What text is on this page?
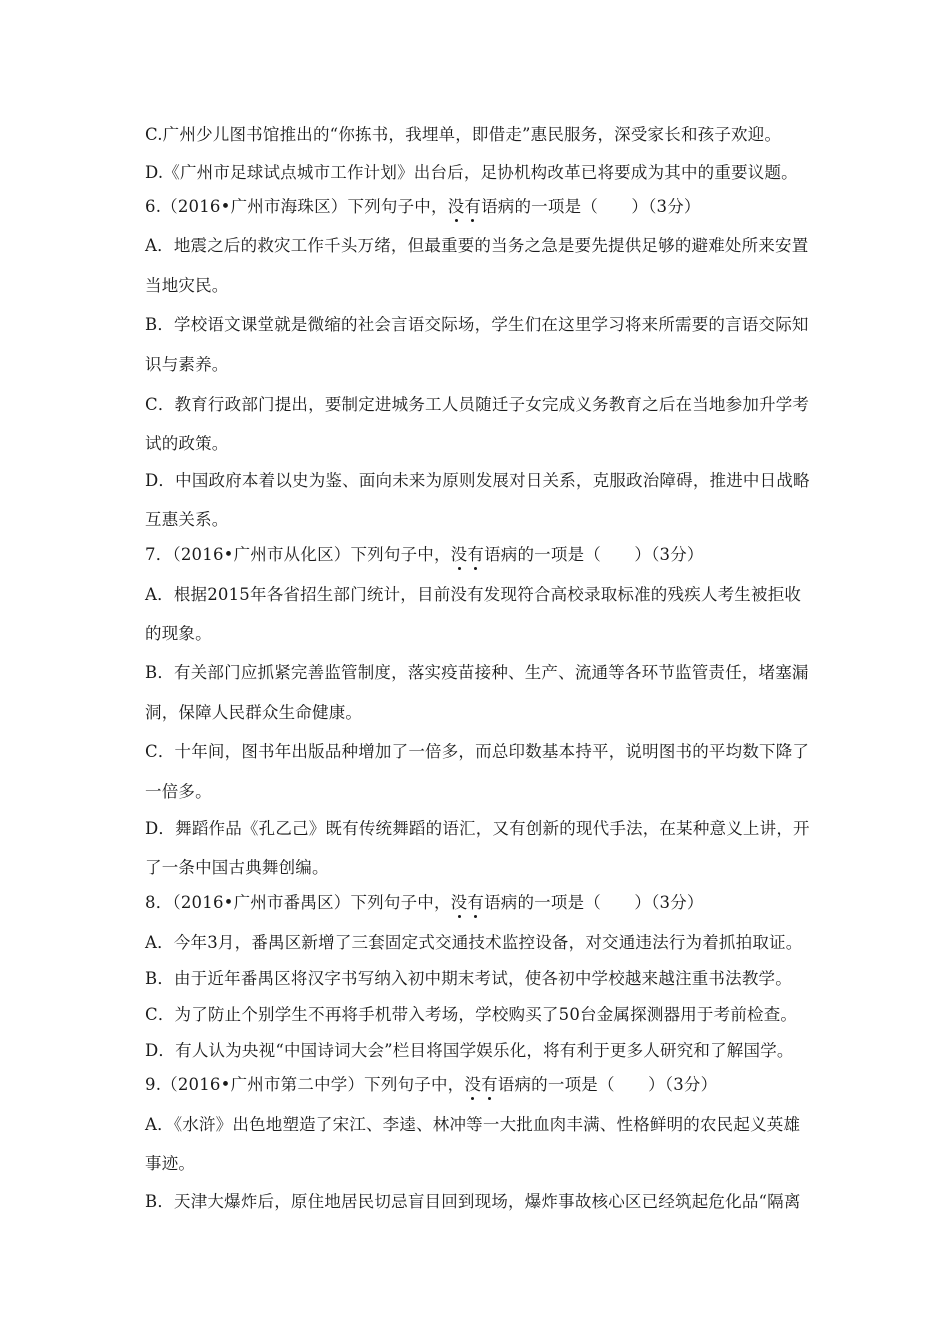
C.广州少儿图书馆推出的“你拣书，我埋单，即借走”惠民服务，深受家长和孩子欢迎。
D.《广州市足球试点城市工作计划》出台后，足协机构改革已将要成为其中的重要议题。
6.（2016•广州市海珠区）下列句子中，没有语病的一项是（　　）（3分）
A．地震之后的救灾工作千头万绪，但最重要的当务之急是要先提供足够的避难处所来安置
当地灾民。
B．学校语文课堂就是微缩的社会言语交际场，学生们在这里学习将来所需要的言语交际知
识与素养。
C．教育行政部门提出，要制定进城务工人员随迁子女完成义务教育之后在当地参加升学考
试的政策。
D．中国政府本着以史为鉴、面向未来为原则发展对日关系，克服政治障碍，推进中日战略
互惠关系。
7．（2016•广州市从化区）下列句子中，没有语病的一项是（　　）（3分）
A．根据2015年各省招生部门统计，目前没有发现符合高校录取标准的残疾人考生被拒收
的现象。
B．有关部门应抓紧完善监管制度，落实疫苗接种、生产、流通等各环节监管责任，堵塞漏
洞，保障人民群众生命健康。
C．十年间，图书年出版品种增加了一倍多，而总印数基本持平，说明图书的平均数下降了
一倍多。
D．舞蹈作品《孔乙己》既有传统舞蹈的语汇，又有创新的现代手法，在某种意义上讲，开
了一条中国古典舞创编。
8．（2016•广州市番禺区）下列句子中，没有语病的一项是（　　）（3分）
A．今年3月，番禺区新增了三套固定式交通技术监控设备，对交通违法行为着抓拍取证。
B．由于近年番禺区将汉字书写纳入初中期末考试，使各初中学校越来越注重书法教学。
C．为了防止个别学生不再将手机带入考场，学校购买了50台金属探测器用于考前检查。
D．有人认为央视“中国诗词大会”栏目将国学娱乐化，将有利于更多人研究和了解国学。
9.（2016•广州市第二中学）下列句子中，没有语病的一项是（　　）（3分）
A．《水浒》出色地塑造了宋江、李逵、林冲等一大批血肉丰满、性格鲜明的农民起义英雄
事迹。
B．天津大爆炸后，原住地居民切忌盲目回到现场，爆炸事故核心区已经筑起危化品“隔离
